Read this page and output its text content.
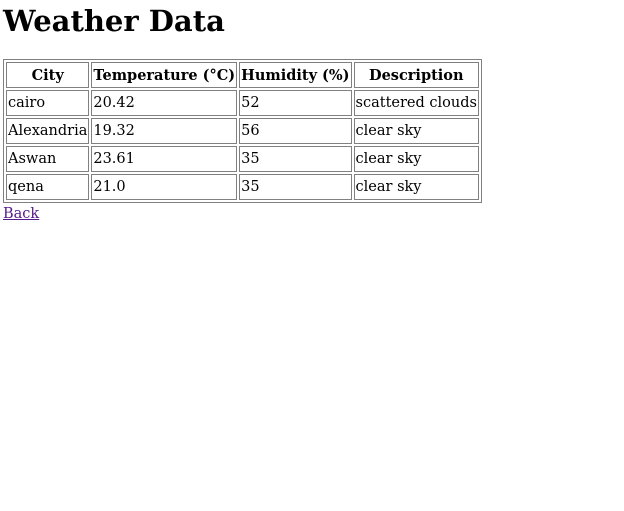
Weather Data
City	Temperature (°C)	Humidity (%)	Description
cairo	20.42	52	scattered clouds
Alexandria	19.32	56	clear sky
Aswan	23.61	35	clear sky
qena	21.0	35	clear sky
Back
